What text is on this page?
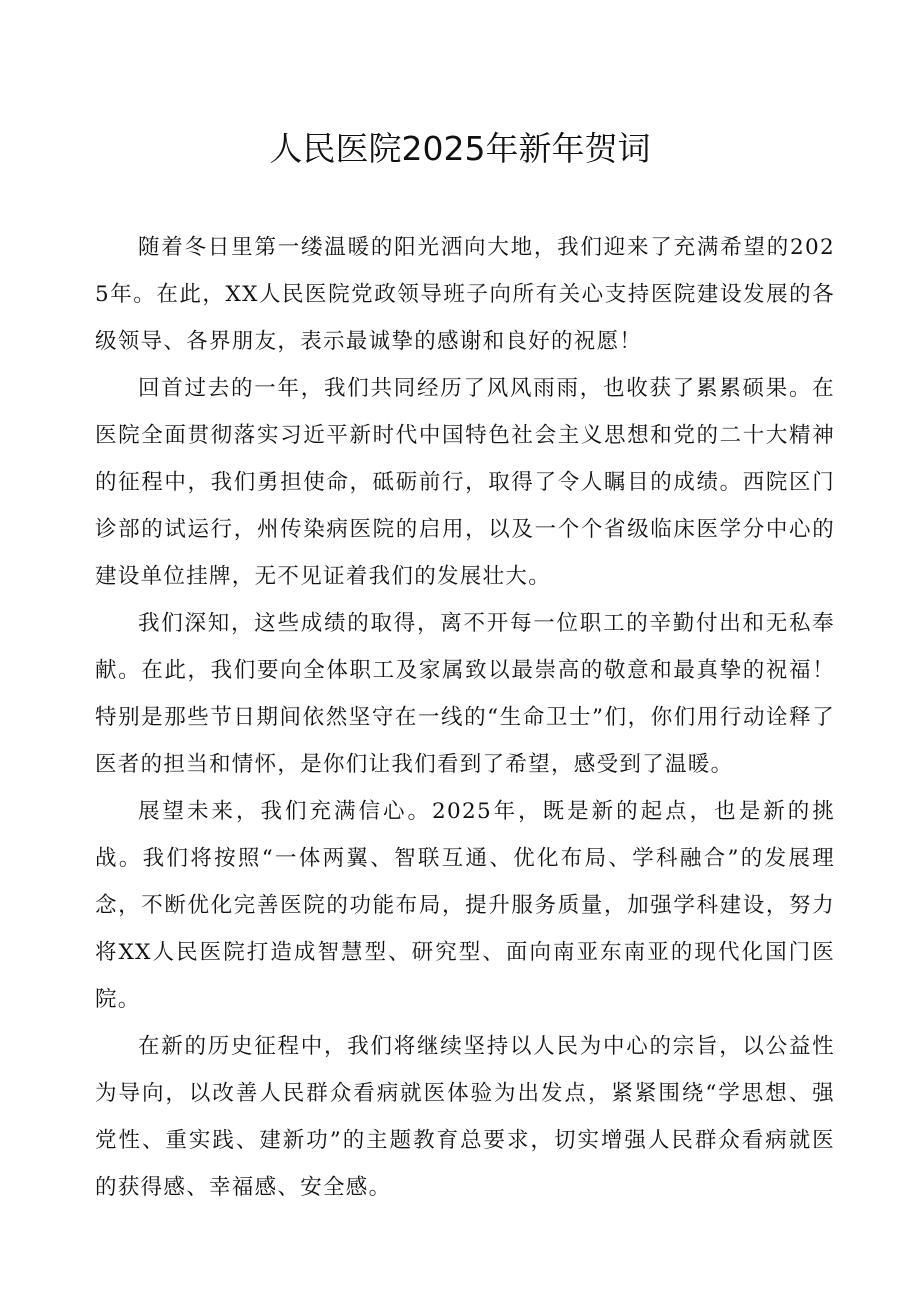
人民医院2025年新年贺词

随着冬日里第一缕温暖的阳光洒向大地，我们迎来了充满希望的2025年。在此，XX人民医院党政领导班子向所有关心支持医院建设发展的各级领导、各界朋友，表示最诚挚的感谢和良好的祝愿！

回首过去的一年，我们共同经历了风风雨雨，也收获了累累硕果。在医院全面贯彻落实习近平新时代中国特色社会主义思想和党的二十大精神的征程中，我们勇担使命，砥砺前行，取得了令人瞩目的成绩。西院区门诊部的试运行，州传染病医院的启用，以及一个个省级临床医学分中心的建设单位挂牌，无不见证着我们的发展壮大。

我们深知，这些成绩的取得，离不开每一位职工的辛勤付出和无私奉献。在此，我们要向全体职工及家属致以最崇高的敬意和最真挚的祝福！特别是那些节日期间依然坚守在一线的“生命卫士”们，你们用行动诠释了医者的担当和情怀，是你们让我们看到了希望，感受到了温暖。

展望未来，我们充满信心。2025年，既是新的起点，也是新的挑战。我们将按照“一体两翼、智联互通、优化布局、学科融合”的发展理念，不断优化完善医院的功能布局，提升服务质量，加强学科建设，努力将XX人民医院打造成智慧型、研究型、面向南亚东南亚的现代化国门医院。

在新的历史征程中，我们将继续坚持以人民为中心的宗旨，以公益性为导向，以改善人民群众看病就医体验为出发点，紧紧围绕“学思想、强党性、重实践、建新功”的主题教育总要求，切实增强人民群众看病就医的获得感、幸福感、安全感。
